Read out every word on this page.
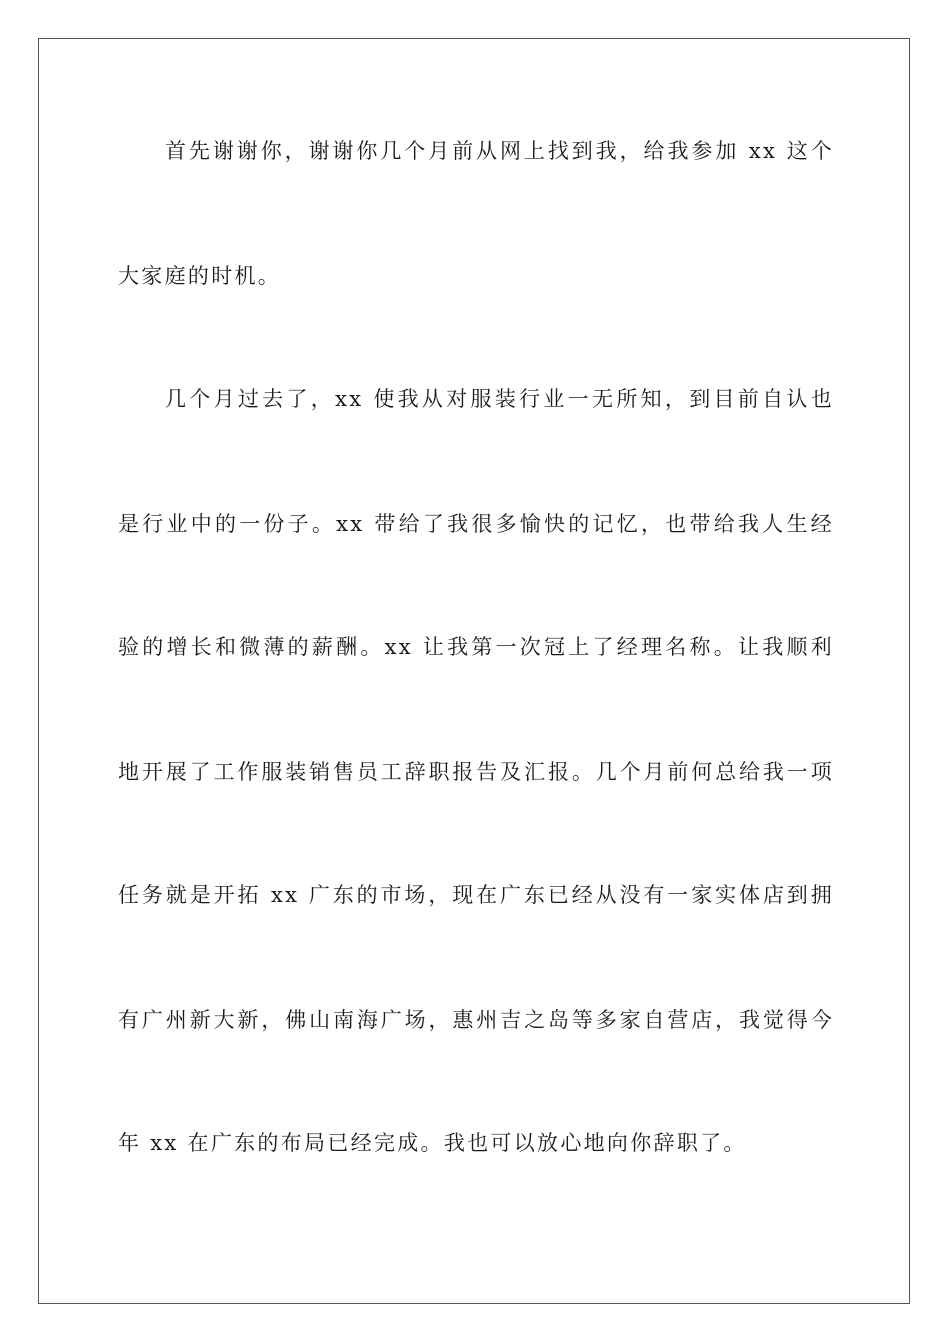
首先谢谢你，谢谢你几个月前从网上找到我，给我参加 xx 这个
大家庭的时机。
几个月过去了，xx 使我从对服装行业一无所知，到目前自认也
是行业中的一份子。xx 带给了我很多愉快的记忆，也带给我人生经
验的增长和微薄的薪酬。xx 让我第一次冠上了经理名称。让我顺利
地开展了工作服装销售员工辞职报告及汇报。几个月前何总给我一项
任务就是开拓 xx 广东的市场，现在广东已经从没有一家实体店到拥
有广州新大新，佛山南海广场，惠州吉之岛等多家自营店，我觉得今
年 xx 在广东的布局已经完成。我也可以放心地向你辞职了。
